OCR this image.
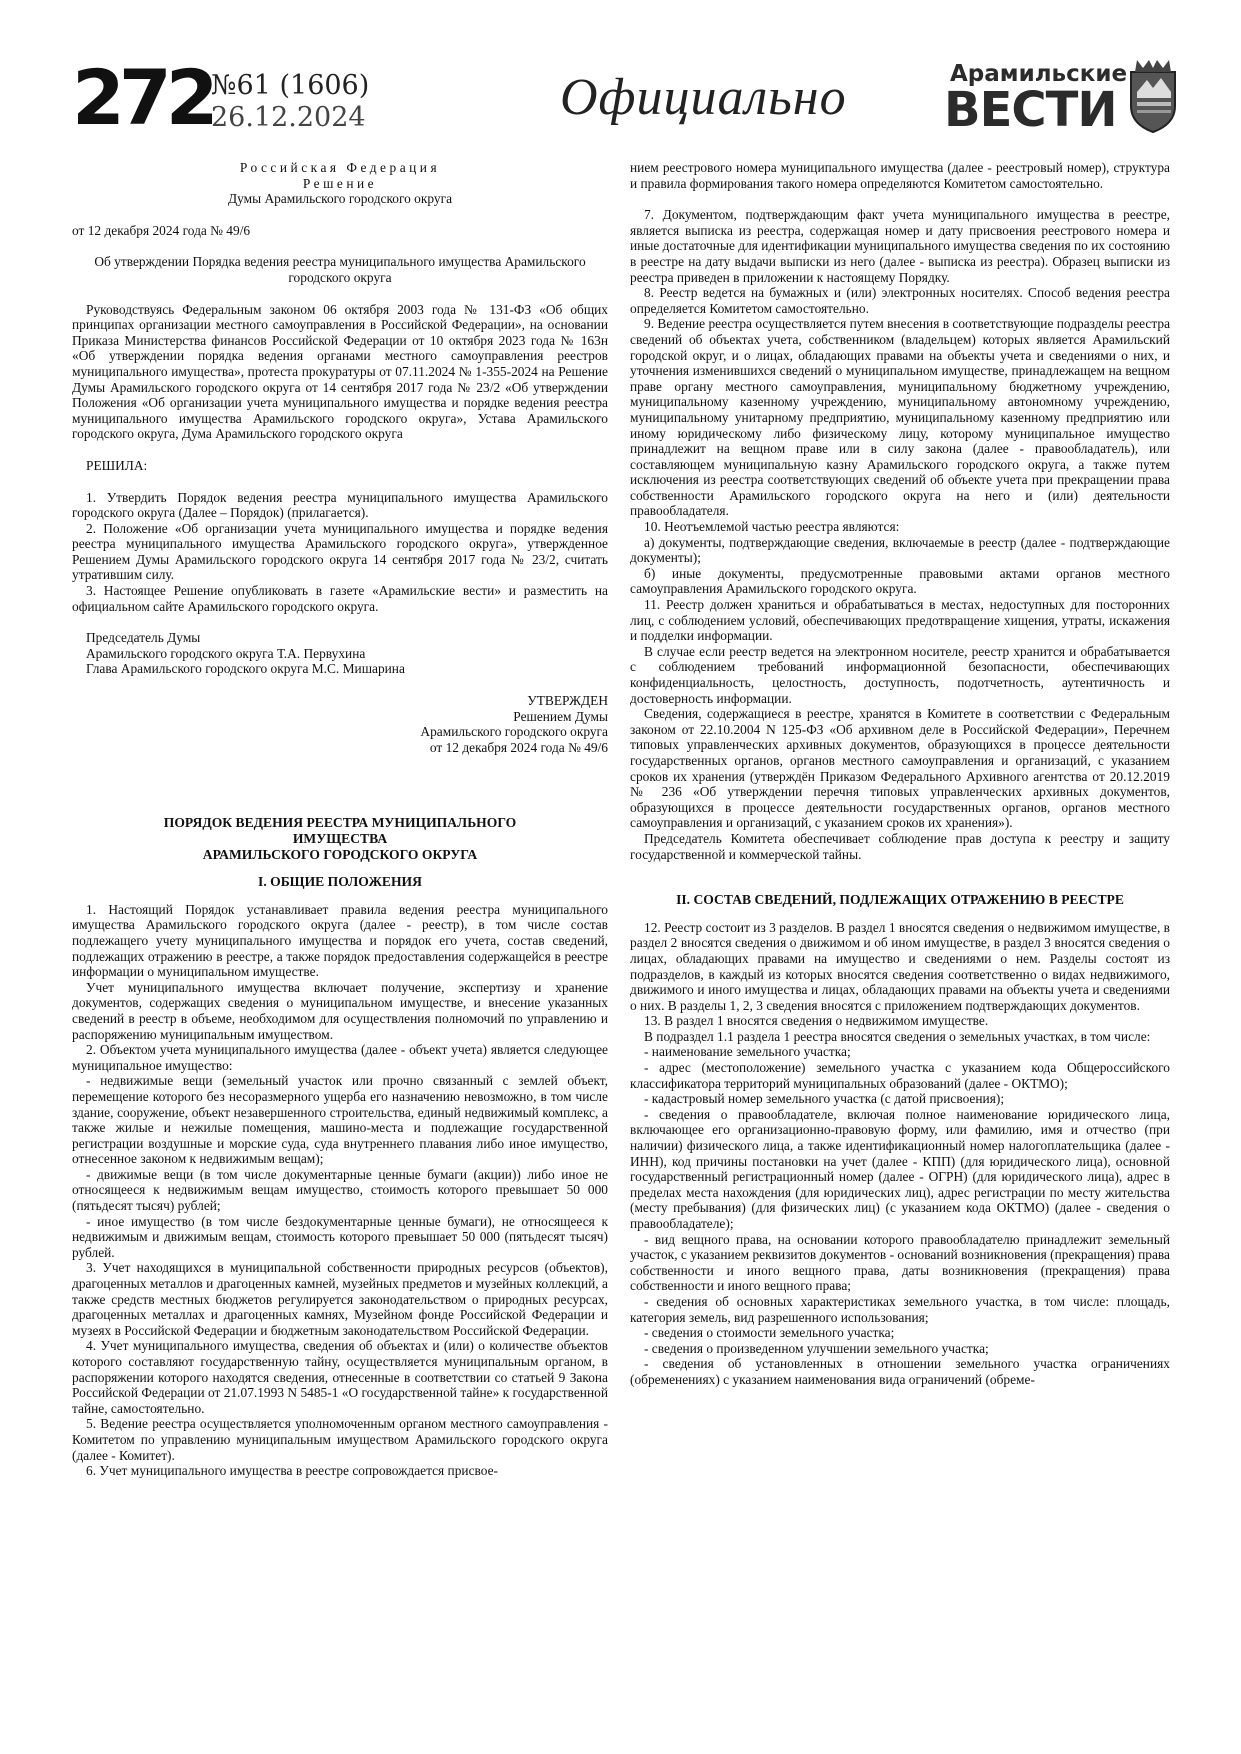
272
№61 (1606)
26.12.2024	Официально	Арамильские
ВЕСТИ

Российская Федерация

Решение

Думы Арамильского городского округа

от 12 декабря 2024 года № 49/6

Об утверждении Порядка ведения реестра муниципального имущества Арамильского городского округа

Руководствуясь Федеральным законом 06 октября 2003 года № 131-ФЗ «Об общих принципах организации местного самоуправления в Российской Федерации», на основании Приказа Министерства финансов Российской Федерации от 10 октября 2023 года № 163н «Об утверждении порядка ведения органами местного самоуправления реестров муниципального имущества», протеста прокуратуры от 07.11.2024 № 1-355-2024 на Решение Думы Арамильского городского округа от 14 сентября 2017 года № 23/2 «Об утверждении Положения «Об организации учета муниципального имущества и порядке ведения реестра муниципального имущества Арамильского городского округа», Устава Арамильского городского округа, Дума Арамильского городского округа

РЕШИЛА:

1. Утвердить Порядок ведения реестра муниципального имущества Арамильского городского округа (Далее – Порядок) (прилагается).

2. Положение «Об организации учета муниципального имущества и порядке ведения реестра муниципального имущества Арамильского городского округа», утвержденное Решением Думы Арамильского городского округа 14 сентября 2017 года № 23/2, считать утратившим силу.

3. Настоящее Решение опубликовать в газете «Арамильские вести» и разместить на официальном сайте Арамильского городского округа.

Председатель Думы

Арамильского городского округа Т.А. Первухина

Глава Арамильского городского округа М.С. Мишарина

УТВЕРЖДЕН

Решением Думы

Арамильского городского округа

от 12 декабря 2024 года № 49/6

ПОРЯДОК ВЕДЕНИЯ РЕЕСТРА МУНИЦИПАЛЬНОГО

ИМУЩЕСТВА

АРАМИЛЬСКОГО ГОРОДСКОГО ОКРУГА

I. ОБЩИЕ ПОЛОЖЕНИЯ

1. Настоящий Порядок устанавливает правила ведения реестра муниципального имущества Арамильского городского округа (далее - реестр), в том числе состав подлежащего учету муниципального имущества и порядок его учета, состав сведений, подлежащих отражению в реестре, а также порядок предоставления содержащейся в реестре информации о муниципальном имуществе.

Учет муниципального имущества включает получение, экспертизу и хранение документов, содержащих сведения о муниципальном имуществе, и внесение указанных сведений в реестр в объеме, необходимом для осуществления полномочий по управлению и распоряжению муниципальным имуществом.

2. Объектом учета муниципального имущества (далее - объект учета) является следующее муниципальное имущество:

- недвижимые вещи (земельный участок или прочно связанный с землей объект, перемещение которого без несоразмерного ущерба его назначению невозможно, в том числе здание, сооружение, объект незавершенного строительства, единый недвижимый комплекс, а также жилые и нежилые помещения, машино-места и подлежащие государственной регистрации воздушные и морские суда, суда внутреннего плавания либо иное имущество, отнесенное законом к недвижимым вещам);

- движимые вещи (в том числе документарные ценные бумаги (акции)) либо иное не относящееся к недвижимым вещам имущество, стоимость которого превышает 50 000 (пятьдесят тысяч) рублей;

- иное имущество (в том числе бездокументарные ценные бумаги), не относящееся к недвижимым и движимым вещам, стоимость которого превышает 50 000 (пятьдесят тысяч) рублей.

3. Учет находящихся в муниципальной собственности природных ресурсов (объектов), драгоценных металлов и драгоценных камней, музейных предметов и музейных коллекций, а также средств местных бюджетов регулируется законодательством о природных ресурсах, драгоценных металлах и драгоценных камнях, Музейном фонде Российской Федерации и музеях в Российской Федерации и бюджетным законодательством Российской Федерации.

4. Учет муниципального имущества, сведения об объектах и (или) о количестве объектов которого составляют государственную тайну, осуществляется муниципальным органом, в распоряжении которого находятся сведения, отнесенные в соответствии со статьей 9 Закона Российской Федерации от 21.07.1993 N 5485-1 «О государственной тайне» к государственной тайне, самостоятельно.

5. Ведение реестра осуществляется уполномоченным органом местного самоуправления - Комитетом по управлению муниципальным имуществом Арамильского городского округа (далее - Комитет).

6. Учет муниципального имущества в реестре сопровождается присвое-

нием реестрового номера муниципального имущества (далее - реестровый номер), структура и правила формирования такого номера определяются Комитетом самостоятельно.

7. Документом, подтверждающим факт учета муниципального имущества в реестре, является выписка из реестра, содержащая номер и дату присвоения реестрового номера и иные достаточные для идентификации муниципального имущества сведения по их состоянию в реестре на дату выдачи выписки из него (далее - выписка из реестра). Образец выписки из реестра приведен в приложении к настоящему Порядку.

8. Реестр ведется на бумажных и (или) электронных носителях. Способ ведения реестра определяется Комитетом самостоятельно.

9. Ведение реестра осуществляется путем внесения в соответствующие подразделы реестра сведений об объектах учета, собственником (владельцем) которых является Арамильский городской округ, и о лицах, обладающих правами на объекты учета и сведениями о них, и уточнения изменившихся сведений о муниципальном имуществе, принадлежащем на вещном праве органу местного самоуправления, муниципальному бюджетному учреждению, муниципальному казенному учреждению, муниципальному автономному учреждению, муниципальному унитарному предприятию, муниципальному казенному предприятию или иному юридическому либо физическому лицу, которому муниципальное имущество принадлежит на вещном праве или в силу закона (далее - правообладатель), или составляющем муниципальную казну Арамильского городского округа, а также путем исключения из реестра соответствующих сведений об объекте учета при прекращении права собственности Арамильского городского округа на него и (или) деятельности правообладателя.

10. Неотъемлемой частью реестра являются:

а) документы, подтверждающие сведения, включаемые в реестр (далее - подтверждающие документы);

б) иные документы, предусмотренные правовыми актами органов местного самоуправления Арамильского городского округа.

11. Реестр должен храниться и обрабатываться в местах, недоступных для посторонних лиц, с соблюдением условий, обеспечивающих предотвращение хищения, утраты, искажения и подделки информации.

В случае если реестр ведется на электронном носителе, реестр хранится и обрабатывается с соблюдением требований информационной безопасности, обеспечивающих конфиденциальность, целостность, доступность, подотчетность, аутентичность и достоверность информации.

Сведения, содержащиеся в реестре, хранятся в Комитете в соответствии с Федеральным законом от 22.10.2004 N 125-ФЗ «Об архивном деле в Российской Федерации», Перечнем типовых управленческих архивных документов, образующихся в процессе деятельности государственных органов, органов местного самоуправления и организаций, с указанием сроков их хранения (утверждён Приказом Федерального Архивного агентства от 20.12.2019 № 236 «Об утверждении перечня типовых управленческих архивных документов, образующихся в процессе деятельности государственных органов, органов местного самоуправления и организаций, с указанием сроков их хранения»).

Председатель Комитета обеспечивает соблюдение прав доступа к реестру и защиту государственной и коммерческой тайны.

II. СОСТАВ СВЕДЕНИЙ, ПОДЛЕЖАЩИХ ОТРАЖЕНИЮ В РЕЕСТРЕ

12. Реестр состоит из 3 разделов. В раздел 1 вносятся сведения о недвижимом имуществе, в раздел 2 вносятся сведения о движимом и об ином имуществе, в раздел 3 вносятся сведения о лицах, обладающих правами на имущество и сведениями о нем. Разделы состоят из подразделов, в каждый из которых вносятся сведения соответственно о видах недвижимого, движимого и иного имущества и лицах, обладающих правами на объекты учета и сведениями о них. В разделы 1, 2, 3 сведения вносятся с приложением подтверждающих документов.

13. В раздел 1 вносятся сведения о недвижимом имуществе.

В подраздел 1.1 раздела 1 реестра вносятся сведения о земельных участках, в том числе:

- наименование земельного участка;

- адрес (местоположение) земельного участка с указанием кода Общероссийского классификатора территорий муниципальных образований (далее - ОКТМО);

- кадастровый номер земельного участка (с датой присвоения);

- сведения о правообладателе, включая полное наименование юридического лица, включающее его организационно-правовую форму, или фамилию, имя и отчество (при наличии) физического лица, а также идентификационный номер налогоплательщика (далее - ИНН), код причины постановки на учет (далее - КПП) (для юридического лица), основной государственный регистрационный номер (далее - ОГРН) (для юридического лица), адрес в пределах места нахождения (для юридических лиц), адрес регистрации по месту жительства (месту пребывания) (для физических лиц) (с указанием кода ОКТМО) (далее - сведения о правообладателе);

- вид вещного права, на основании которого правообладателю принадлежит земельный участок, с указанием реквизитов документов - оснований возникновения (прекращения) права собственности и иного вещного права, даты возникновения (прекращения) права собственности и иного вещного права;

- сведения об основных характеристиках земельного участка, в том числе: площадь, категория земель, вид разрешенного использования;

- сведения о стоимости земельного участка;

- сведения о произведенном улучшении земельного участка;

- сведения об установленных в отношении земельного участка ограничениях (обременениях) с указанием наименования вида ограничений (обреме-
